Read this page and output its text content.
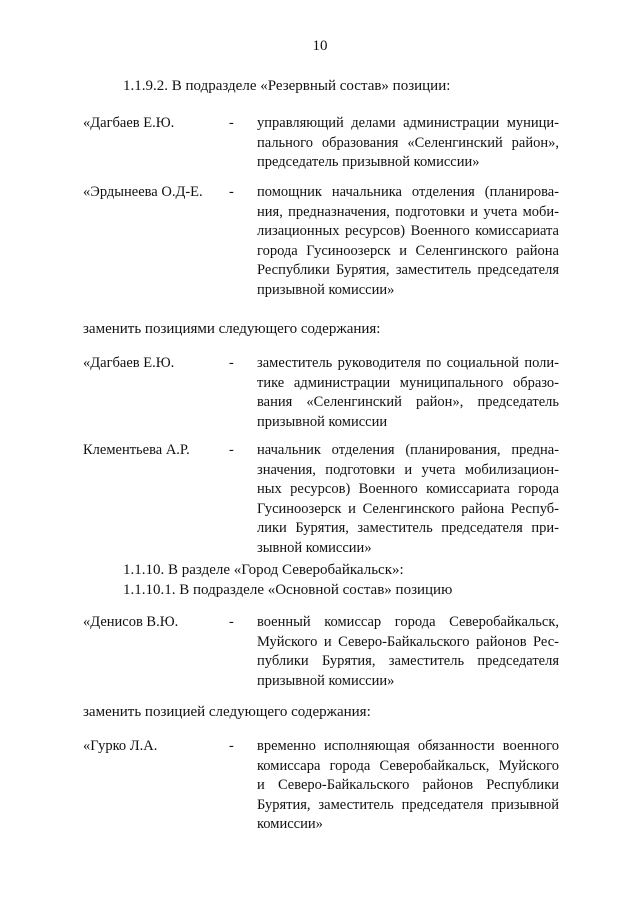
10
1.1.9.2. В подразделе «Резервный состав» позиции:
«Дагбаев Е.Ю.	- управляющий делами администрации муници-
пального образования «Селенгинский район»,
председатель призывной комиссии»
«Эрдынеева О.Д-Е. - помощник начальника отделения (планирова-
ния, предназначения, подготовки и учета моби-
лизационных ресурсов) Военного комиссариата
города Гусиноозерск и Селенгинского района
Республики Бурятия, заместитель председателя
призывной комиссии»
заменить позициями следующего содержания:
«Дагбаев Е.Ю.	- заместитель руководителя по социальной поли-
тике администрации муниципального образо-
вания «Селенгинский район», председатель
призывной комиссии
Клементьева А.Р.	- начальник отделения (планирования, предна-
значения, подготовки и учета мобилизацион-
ных ресурсов) Военного комиссариата города
Гусиноозерск и Селенгинского района Респуб-
лики Бурятия, заместитель председателя при-
зывной комиссии»
1.1.10. В разделе «Город Северобайкальск»:
1.1.10.1. В подразделе «Основной состав» позицию
«Денисов В.Ю.	- военный комиссар города Северобайкальск,
Муйского и Северо-Байкальского районов Рес-
публики Бурятия, заместитель председателя
призывной комиссии»
заменить позицией следующего содержания:
«Гурко Л.А.	- временно исполняющая обязанности военного
комиссара города Северобайкальск, Муйского
и Северо-Байкальского районов Республики
Бурятия, заместитель председателя призывной
комиссии»
